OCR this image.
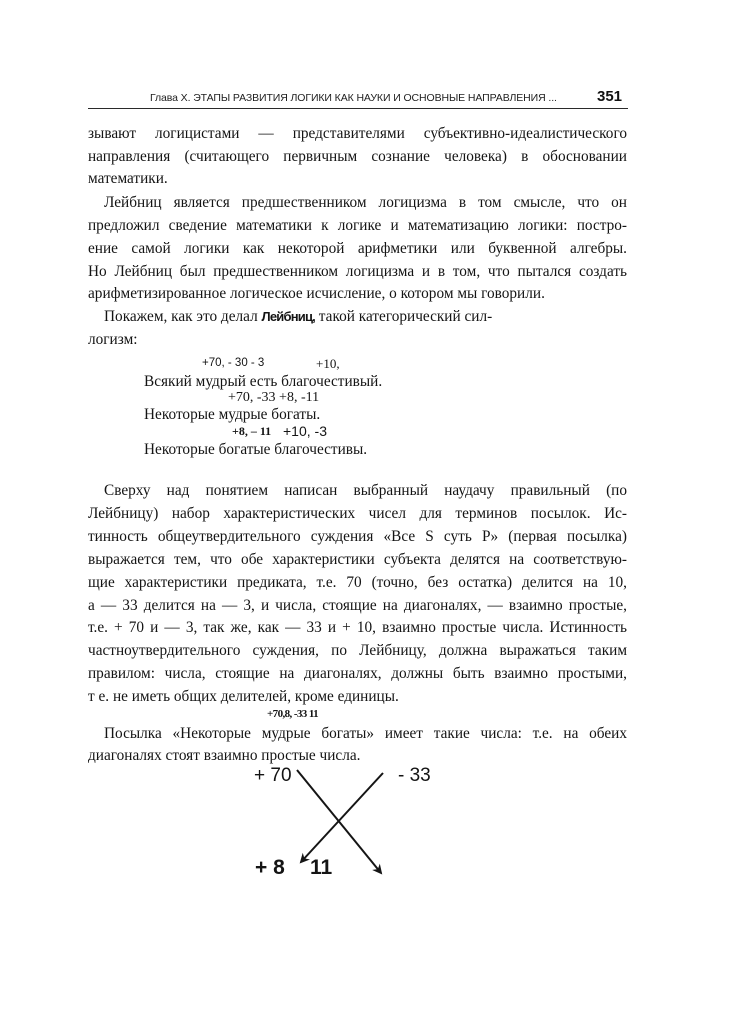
Глава X. ЭТАПЫ РАЗВИТИЯ ЛОГИКИ КАК НАУКИ И ОСНОВНЫЕ НАПРАВЛЕНИЯ ...	351
зывают логицистами — представителями субъективно-идеалистического
направления (считающего первичным сознание человека) в обосновании
математики.
Лейбниц является предшественником логицизма в том смысле, что он
предложил сведение математики к логике и математизацию логики: постро-
ение самой логики как некоторой арифметики или буквенной алгебры.
Но Лейбниц был предшественником логицизма и в том, что пытался создать
арифметизированное логическое исчисление, о котором мы говорили.
Покажем, как это делал Лейбниц, такой категорический сил-
логизм:
+70, - 30 - 3	+10,
Всякий мудрый есть благочестивый.
+70, -33 +8, -11
Некоторые мудрые богаты.
+8, – 11 +10, -3
Некоторые богатые благочестивы.
Сверху над понятием написан выбранный наудачу правильный (по
Лейбницу) набор характеристических чисел для терминов посылок. Ис-
тинность общеутвердительного суждения «Все S суть P» (первая посылка)
выражается тем, что обе характеристики субъекта делятся на соответствую-
щие характеристики предиката, т.е. 70 (точно, без остатка) делится на 10,
а — 33 делится на — 3, и числа, стоящие на диагоналях, — взаимно простые,
т.е. + 70 и — 3, так же, как — 33 и + 10, взаимно простые числа. Истинность
частноутвердительного суждения, по Лейбницу, должна выражаться таким
правилом: числа, стоящие на диагоналях, должны быть взаимно простыми,
т е. не иметь общих делителей, кроме единицы.
+70,8, -33 11
Посылка «Некоторые мудрые богаты» имеет такие числа: т.е. на обеих
диагоналях стоят взаимно простые числа.
+ 70	- 33
+ 8 11
